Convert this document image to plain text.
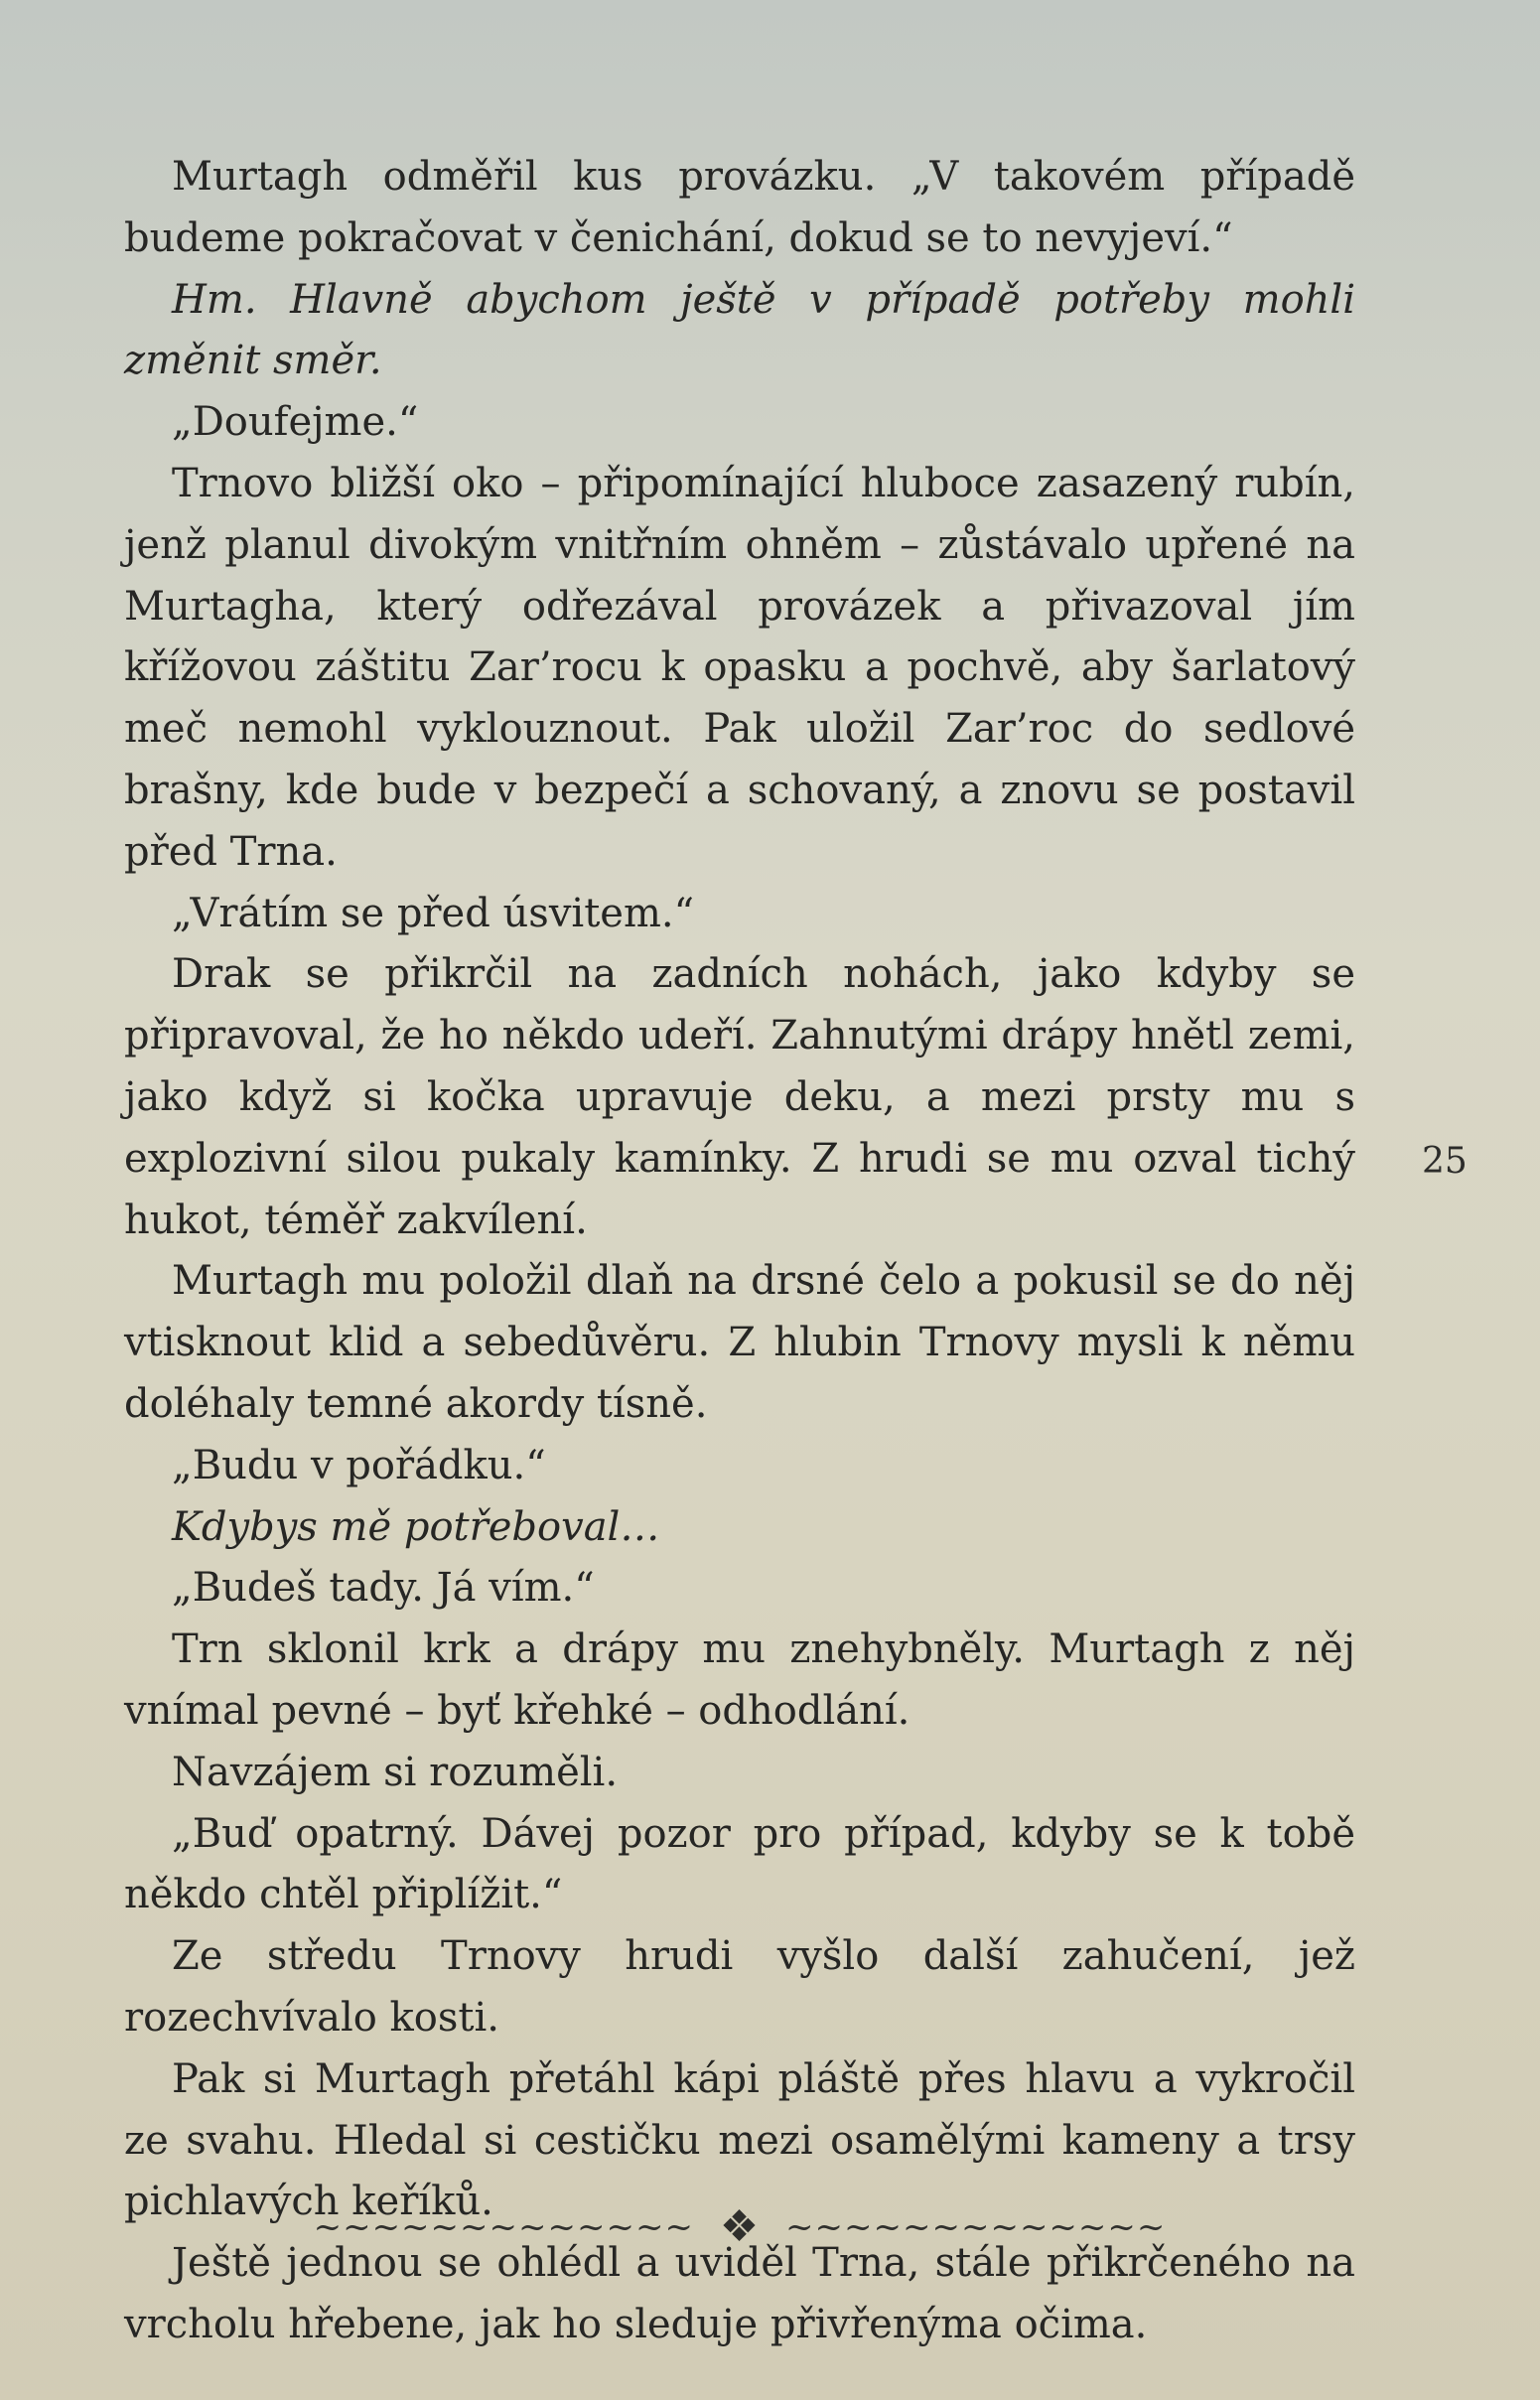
Murtagh odměřil kus provázku. „V takovém případě budeme pokračovat v čenichání, dokud se to nevyjeví.“

Hm. Hlavně abychom ještě v případě potřeby mohli změnit směr.

„Doufejme.“

Trnovo bližší oko – připomínající hluboce zasazený rubín, jenž planul divokým vnitřním ohněm – zůstávalo upřené na Murtagha, který odřezával provázek a přivazoval jím křížovou záštitu Zar’rocu k opasku a pochvě, aby šarlatový meč nemohl vyklouznout. Pak uložil Zar’roc do sedlové brašny, kde bude v bezpečí a schovaný, a znovu se postavil před Trna.

„Vrátím se před úsvitem.“

Drak se přikrčil na zadních nohách, jako kdyby se připravoval, že ho někdo udeří. Zahnutými drápy hnětl zemi, jako když si kočka upravuje deku, a mezi prsty mu s explozivní silou pukaly kamínky. Z hrudi se mu ozval tichý hukot, téměř zakvílení.

Murtagh mu položil dlaň na drsné čelo a pokusil se do něj vtisknout klid a sebedůvěru. Z hlubin Trnovy mysli k němu doléhaly temné akordy tísně.

„Budu v pořádku.“

Kdybys mě potřeboval…

„Budeš tady. Já vím.“

Trn sklonil krk a drápy mu znehybněly. Murtagh z něj vnímal pevné – byť křehké – odhodlání.

Navzájem si rozuměli.

„Buď opatrný. Dávej pozor pro případ, kdyby se k tobě někdo chtěl připlížit.“

Ze středu Trnovy hrudi vyšlo další zahučení, jež rozechvívalo kosti.

Pak si Murtagh přetáhl kápi pláště přes hlavu a vykročil ze svahu. Hledal si cestičku mezi osamělými kameny a trsy pichlavých keříků.

Ještě jednou se ohlédl a uviděl Trna, stále přikrčeného na vrcholu hřebene, jak ho sleduje přivřenýma očima.

25
~~~~~~~~~~~~~ ❖ ~~~~~~~~~~~~~
